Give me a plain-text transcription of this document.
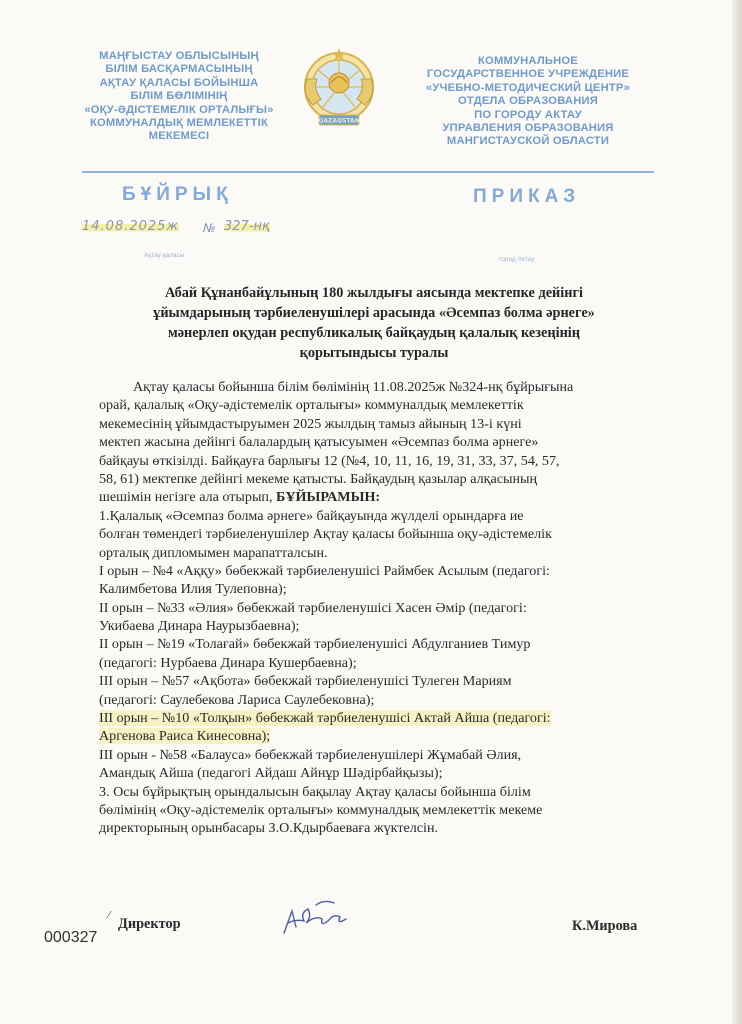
МАҢҒЫСТАУ ОБЛЫСЫНЫҢ
БІЛІМ БАСҚАРМАСЫНЫҢ
АҚТАУ ҚАЛАСЫ БОЙЫНША
БІЛІМ БӨЛІМІНІҢ
«ОҚУ-ӘДІСТЕМЕЛІК ОРТАЛЫҒЫ»
КОММУНАЛДЫҚ МЕМЛЕКЕТТІК
МЕКЕМЕСІ
QAZAQSTAN
КОММУНАЛЬНОЕ
ГОСУДАРСТВЕННОЕ УЧРЕЖДЕНИЕ
«УЧЕБНО-МЕТОДИЧЕСКИЙ ЦЕНТР»
ОТДЕЛА ОБРАЗОВАНИЯ
ПО ГОРОДУ АКТАУ
УПРАВЛЕНИЯ ОБРАЗОВАНИЯ
МАНГИСТАУСКОЙ ОБЛАСТИ
БҰЙРЫҚ	ПРИКАЗ
14.08.2025ж № 327-нқ
Ақтау қаласы
город Актау
Абай Құнанбайұлының 180 жылдығы аясында мектепке дейінгі
ұйымдарының тәрбиеленушілері арасында «Әсемпаз болма әрнеге»
мәнерлеп оқудан республикалық байқаудың қалалық кезеңінің
қорытындысы туралы
Ақтау қаласы бойынша білім бөлімінің 11.08.2025ж №324-нқ бұйрығына
орай, қалалық «Оқу-әдістемелік орталығы» коммуналдық мемлекеттік
мекемесінің ұйымдастыруымен 2025 жылдың тамыз айының 13-і күні
мектеп жасына дейінгі балалардың қатысуымен «Әсемпаз болма әрнеге»
байқауы өткізілді. Байқауға барлығы 12 (№4, 10, 11, 16, 19, 31, 33, 37, 54, 57,
58, 61) мектепке дейінгі мекеме қатысты. Байқаудың қазылар алқасының
шешімін негізге ала отырып, БҰЙЫРАМЫН:
1.Қалалық «Әсемпаз болма әрнеге» байқауында жүлделі орындарға ие
болған төмендегі тәрбиеленушілер Ақтау қаласы бойынша оқу-әдістемелік
орталық дипломымен марапатталсын.
I орын – №4 «Аққу» бөбекжай тәрбиеленушісі Раймбек Асылым (педагогі:
Калимбетова Илия Тулеповна);
II орын – №33 «Әлия» бөбекжай тәрбиеленушісі Хасен Әмір (педагогі:
Укибаева Динара Наурызбаевна);
II орын – №19 «Толағай» бөбекжай тәрбиеленушісі Абдулганиев Тимур
(педагогі: Нурбаева Динара Кушербаевна);
III орын – №57 «Ақбота» бөбекжай тәрбиеленушісі Тулеген Мариям
(педагогі: Саулебекова Лариса Саулебековна);
III орын – №10 «Толқын» бөбекжай тәрбиеленушісі Актай Айша (педагогі:
Аргенова Раиса Кинесовна);
III орын - №58 «Балауса» бөбекжай тәрбиеленушілері Жұмабай Әлия,
Амандық Айша (педагогі Айдаш Айнұр Шәдірбайқызы);
3. Осы бұйрықтың орындалысын бақылау Ақтау қаласы бойынша білім
бөлімінің «Оқу-әдістемелік орталығы» коммуналдық мемлекеттік мекеме
директорының орынбасары З.О.Кдырбаеваға жүктелсін.
/
Директор
000327
К.Мирова
